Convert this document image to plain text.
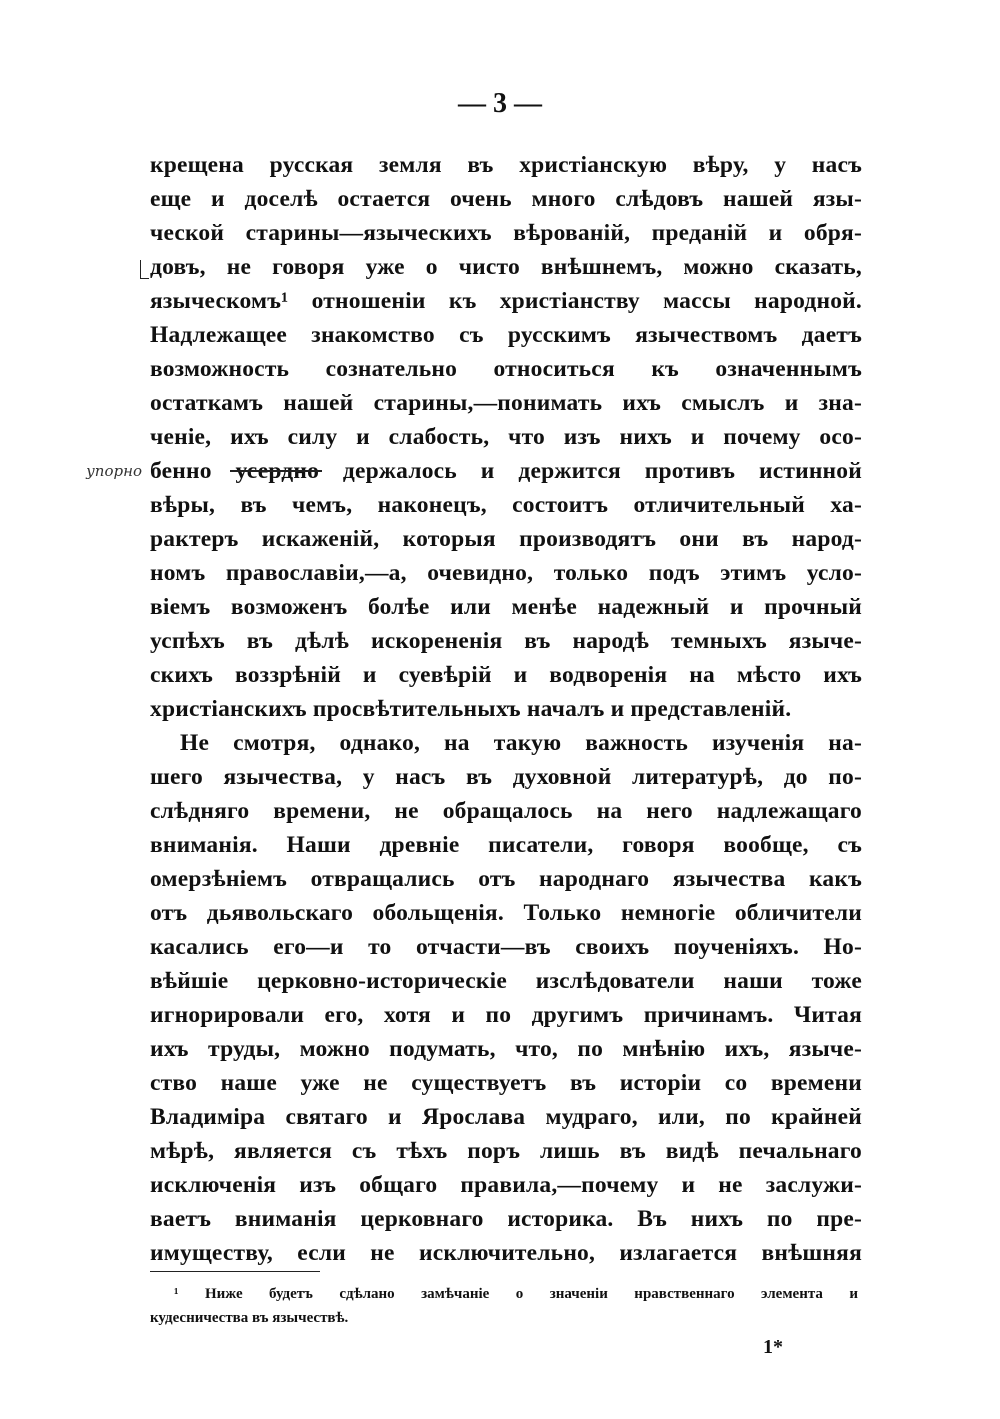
— 3 —
крещена русская земля въ христіанскую вѣру, у насъ
еще и доселѣ остается очень много слѣдовъ нашей язы-
ческой старины—языческихъ вѣрованій, преданій и обря-
довъ, не говоря уже о чисто внѣшнемъ, можно сказать,
языческомъ¹ отношеніи къ христіанству массы народной.
Надлежащее знакомство съ русскимъ язычествомъ даетъ
возможность сознательно относиться къ означеннымъ
остаткамъ нашей старины,—понимать ихъ смыслъ и зна-
ченіе, ихъ силу и слабость, что изъ нихъ и почему осо-
бенно усердно держалось и держится противъ истинной
вѣры, въ чемъ, наконецъ, состоитъ отличительный ха-
рактеръ искаженій, которыя производятъ они въ народ-
номъ православіи,—а, очевидно, только подъ этимъ усло-
віемъ возможенъ болѣе или менѣе надежный и прочный
успѣхъ въ дѣлѣ искорененія въ народѣ темныхъ языче-
скихъ воззрѣній и суевѣрій и водворенія на мѣсто ихъ
христіанскихъ просвѣтительныхъ началъ и представленій.
Не смотря, однако, на такую важность изученія на-
шего язычества, у насъ въ духовной литературѣ, до по-
слѣдняго времени, не обращалось на него надлежащаго
вниманія. Наши древніе писатели, говоря вообще, съ
омерзѣніемъ отвращались отъ народнаго язычества какъ
отъ дьявольскаго обольщенія. Только немногіе обличители
касались его—и то отчасти—въ своихъ поученіяхъ. Но-
вѣйшіе церковно-историческіе изслѣдователи наши тоже
игнорировали его, хотя и по другимъ причинамъ. Читая
ихъ труды, можно подумать, что, по мнѣнію ихъ, языче-
ство наше уже не существуетъ въ исторіи со времени
Владиміра святаго и Ярослава мудраго, или, по крайней
мѣрѣ, является съ тѣхъ поръ лишь въ видѣ печальнаго
исключенія изъ общаго правила,—почему и не заслужи-
ваетъ вниманія церковнаго историка. Въ нихъ по пре-
имуществу, если не исключительно, излагается внѣшняя
упорно
¹ Ниже будетъ сдѣлано замѣчаніе о значеніи нравственнаго элемента и
кудесничества въ язычествѣ.
1*
